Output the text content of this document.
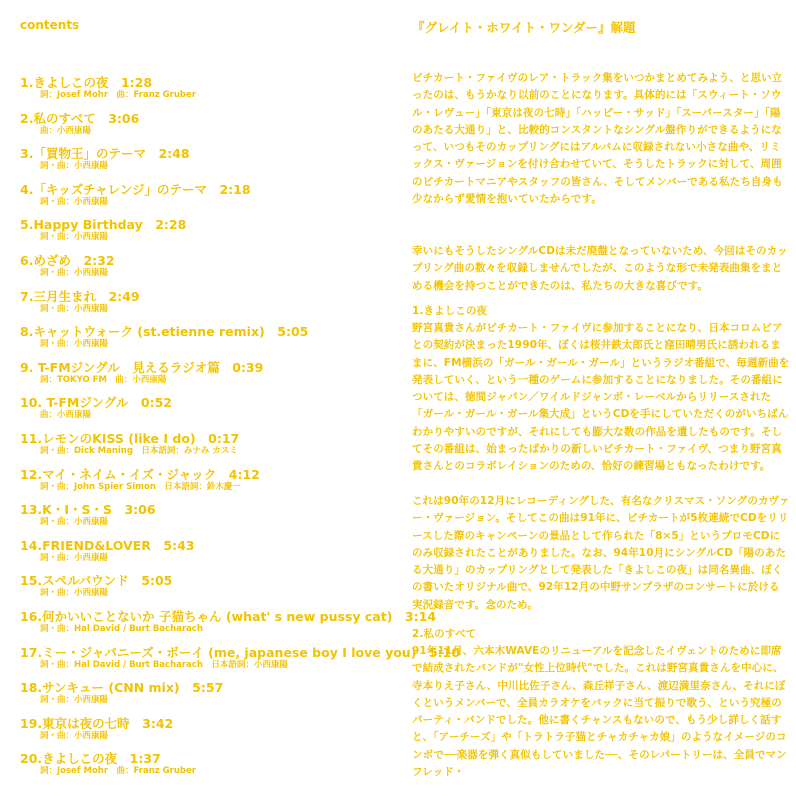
contents
1.きよしこの夜　1:28
詞：Josef Mohr　曲：Franz Gruber
2.私のすべて　3:06
曲：小西康陽
3.「買物王」のテーマ　2:48
詞・曲：小西康陽
4.「キッズチャレンジ」のテーマ　2:18
詞・曲：小西康陽
5.Happy Birthday　2:28
詞・曲：小西康陽
6.めざめ　2:32
詞・曲：小西康陽
7.三月生まれ　2:49
詞・曲：小西康陽
8.キャットウォーク (st.etienne remix)　5:05
詞・曲：小西康陽
9. T-FMジングル　見えるラジオ篇　0:39
詞：TOKYO FM　曲：小西康陽
10. T-FMジングル　0:52
曲：小西康陽
11.レモンのKISS (like I do)　0:17
詞・曲：Dick Maning　日本語詞：みナみ カスミ
12.マイ・ネイム・イズ・ジャック　4:12
詞・曲：John Spier Simon　日本語詞：鈴木慶一
13.K・I・S・S　3:06
詞・曲：小西康陽
14.FRIEND&LOVER　5:43
詞・曲：小西康陽
15.スペルバウンド　5:05
詞・曲：小西康陽
16.何かいいことないか 子猫ちゃん (what' s new pussy cat)　3:14
詞・曲：Hal David / Burt Bacharach
17.ミー・ジャパニーズ・ボーイ (me, japanese boy I love you)　5:10
詞・曲：Hal David / Burt Bacharach　日本語詞：小西康陽
18.サンキュー (CNN mix)　5:57
詞・曲：小西康陽
19.東京は夜の七時　3:42
詞・曲：小西康陽
20.きよしこの夜　1:37
詞：Josef Mohr　曲：Franz Gruber
『グレイト・ホワイト・ワンダー』解題
ピチカート・ファイヴのレア・トラック集をいつかまとめてみよう、と思い立ったのは、もうかなり以前のことになります。具体的には「スウィート・ソウル・レヴュー」「東京は夜の七時」「ハッピー・サッド」「スーパースター」「陽のあたる大通り」と、比較的コンスタントなシングル盤作りができるようになって、いつもそのカップリングにはアルバムに収録されない小さな曲や、リミックス・ヴァージョンを付け合わせていて、そうしたトラックに対して、周囲のピチカートマニアやスタッフの皆さん、そしてメンバーである私たち自身も少なからず愛情を抱いていたからです。
幸いにもそうしたシングルCDは未だ廃盤となっていないため、今回はそのカップリング曲の数々を収録しませんでしたが、このような形で未発表曲集をまとめる機会を持つことができたのは、私たちの大きな喜びです。
1.きよしこの夜
野宮真貴さんがピチカート・ファイヴに参加することになり、日本コロムビアとの契約が決まった1990年、ぼくは桜井鉄太郎氏と窪田晴男氏に誘われるままに、FM横浜の「ガール・ガール・ガール」というラジオ番組で、毎週新曲を発表していく、という一種のゲームに参加することになりました。その番組については、徳間ジャパン／ワイルドジャンボ・レーベルからリリースされた「ガール・ガール・ガール集大成」というCDを手にしていただくのがいちばんわかりやすいのですが、それにしても膨大な数の作品を遺したものです。そしてその番組は、始まったばかりの新しいピチカート・ファイヴ、つまり野宮真貴さんとのコラボレイションのための、恰好の練習場ともなったわけです。
これは90年の12月にレコーディングした、有名なクリスマス・ソングのカヴァー・ヴァージョン。そしてこの曲は91年に、ピチカートが5枚連続でCDをリリースした際のキャンペーンの景品として作られた「8×5」というプロモCDにのみ収録されたことがありました。なお、94年10月にシングルCD「陽のあたる大通り」のカップリングとして発表した「きよしこの夜」は同名異曲、ぼくの書いたオリジナル曲で、92年12月の中野サンプラザのコンサートに於ける実況録音です。念のため。
2.私のすべて
91年11月、六本木WAVEのリニューアルを記念したイヴェントのために即席で結成されたバンドが"女性上位時代"でした。これは野宮真貴さんを中心に、寺本りえ子さん、中川比佐子さん、森丘祥子さん、渡辺満里奈さん、それにぼくというメンバーで、全員カラオケをバックに当て振りで歌う、という究極のパーティ・バンドでした。他に書くチャンスもないので、もう少し詳しく話すと、「アーチーズ」や「トラトラ子猫とチャカチャカ娘」のようなイメージのコンボで──楽器を弾く真似もしていました──、そのレパートリーは、全員でマンフレッド・
